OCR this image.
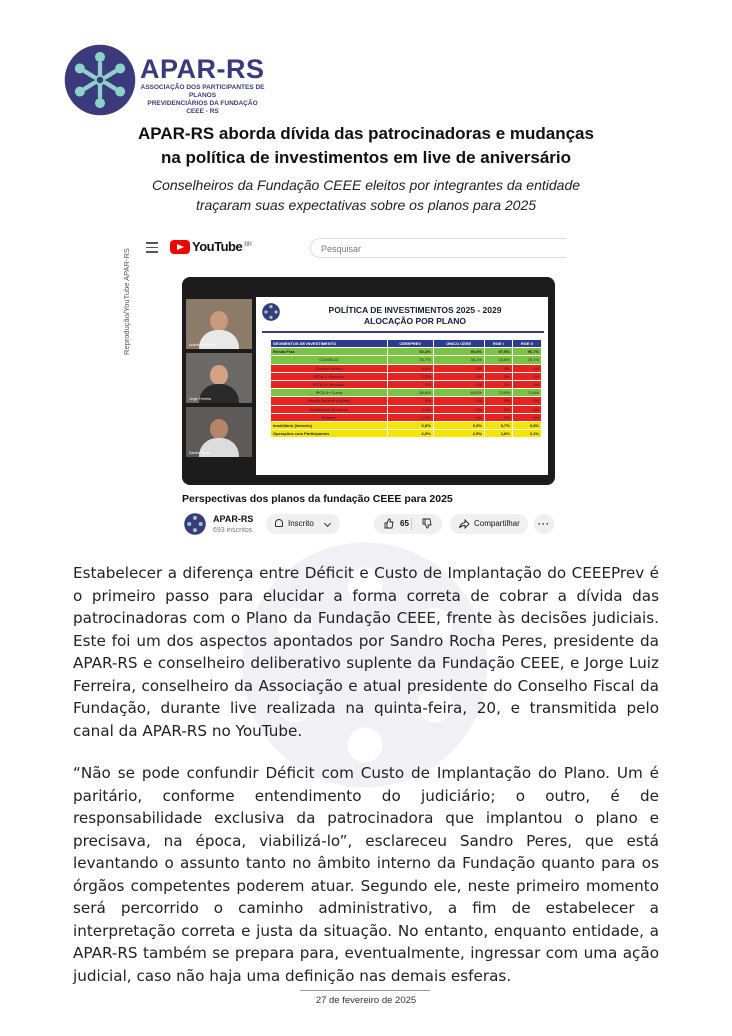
APAR-RS
ASSOCIAÇÃO DOS PARTICIPANTES DE PLANOS
PREVIDENCIÁRIOS DA FUNDAÇÃO CEEE - RS
APAR-RS aborda dívida das patrocinadoras e mudanças
na política de investimentos em live de aniversário
Conselheiros da Fundação CEEE eleitos por integrantes da entidade
traçaram suas expectativas sobre os planos para 2025
Reprodução/YouTube APAR-RS
YouTube $^{BR}$	Pesquisar
Andreia Fuentes
Jorge Ferreira
Sandro Peres
POLÍTICA DE INVESTIMENTOS 2025 - 2029
ALOCAÇÃO POR PLANO
SEGMENTOS DE INVESTIMENTO	CEEEPREV	ÚNICO CEEE	RGE I	RGE II
Renda Fixa	92,4%	96,6%	97,5%	96,7%
CDI/SELIC	33,7%	36,1%	23,6%	25,1%
Credito Privado	0,8%	0%	0%	0%
IPCA 1: Mercado	2,3%	0%	0%	0%
IPCA 3+ Mercado	0%	0%	0%	0%
IPCA 5+ Curva	55,6%	60,5%	73,9%	71,6%
Renda Variável (Ações)	0%	0%	0%	0%
Estruturado (Fundos)	2,5%	0%	0%	0%
Exterior	1,4%	0%	0%	0%
Imobiliário (Imóveis)	0,8%	0,9%	0,7%	0,8%
Operações com Participantes	2,9%	2,5%	1,8%	2,1%
Perspectivas dos planos da fundação CEEE para 2025
APAR-RS
693 inscritos
Inscrito	65	Compartilhar	···

Estabelecer a diferença entre Déficit e Custo de Implantação do CEEEPrev é o primeiro passo para elucidar a forma correta de cobrar a dívida das patrocinadoras com o Plano da Fundação CEEE, frente às decisões judiciais. Este foi um dos aspectos apontados por Sandro Rocha Peres, presidente da APAR-RS e conselheiro deliberativo suplente da Fundação CEEE, e Jorge Luiz Ferreira, conselheiro da Associação e atual presidente do Conselho Fiscal da Fundação, durante live realizada na quinta-feira, 20, e transmitida pelo canal da APAR-RS no YouTube.

“Não se pode confundir Déficit com Custo de Implantação do Plano. Um é paritário, conforme entendimento do judiciário; o outro, é de responsabilidade exclusiva da patrocinadora que implantou o plano e precisava, na época, viabilizá-lo”, esclareceu Sandro Peres, que está levantando o assunto tanto no âmbito interno da Fundação quanto para os órgãos competentes poderem atuar. Segundo ele, neste primeiro momento será percorrido o caminho administrativo, a fim de estabelecer a interpretação correta e justa da situação. No entanto, enquanto entidade, a APAR-RS também se prepara para, eventualmente, ingressar com uma ação judicial, caso não haja uma definição nas demais esferas.

27 de fevereiro de 2025
